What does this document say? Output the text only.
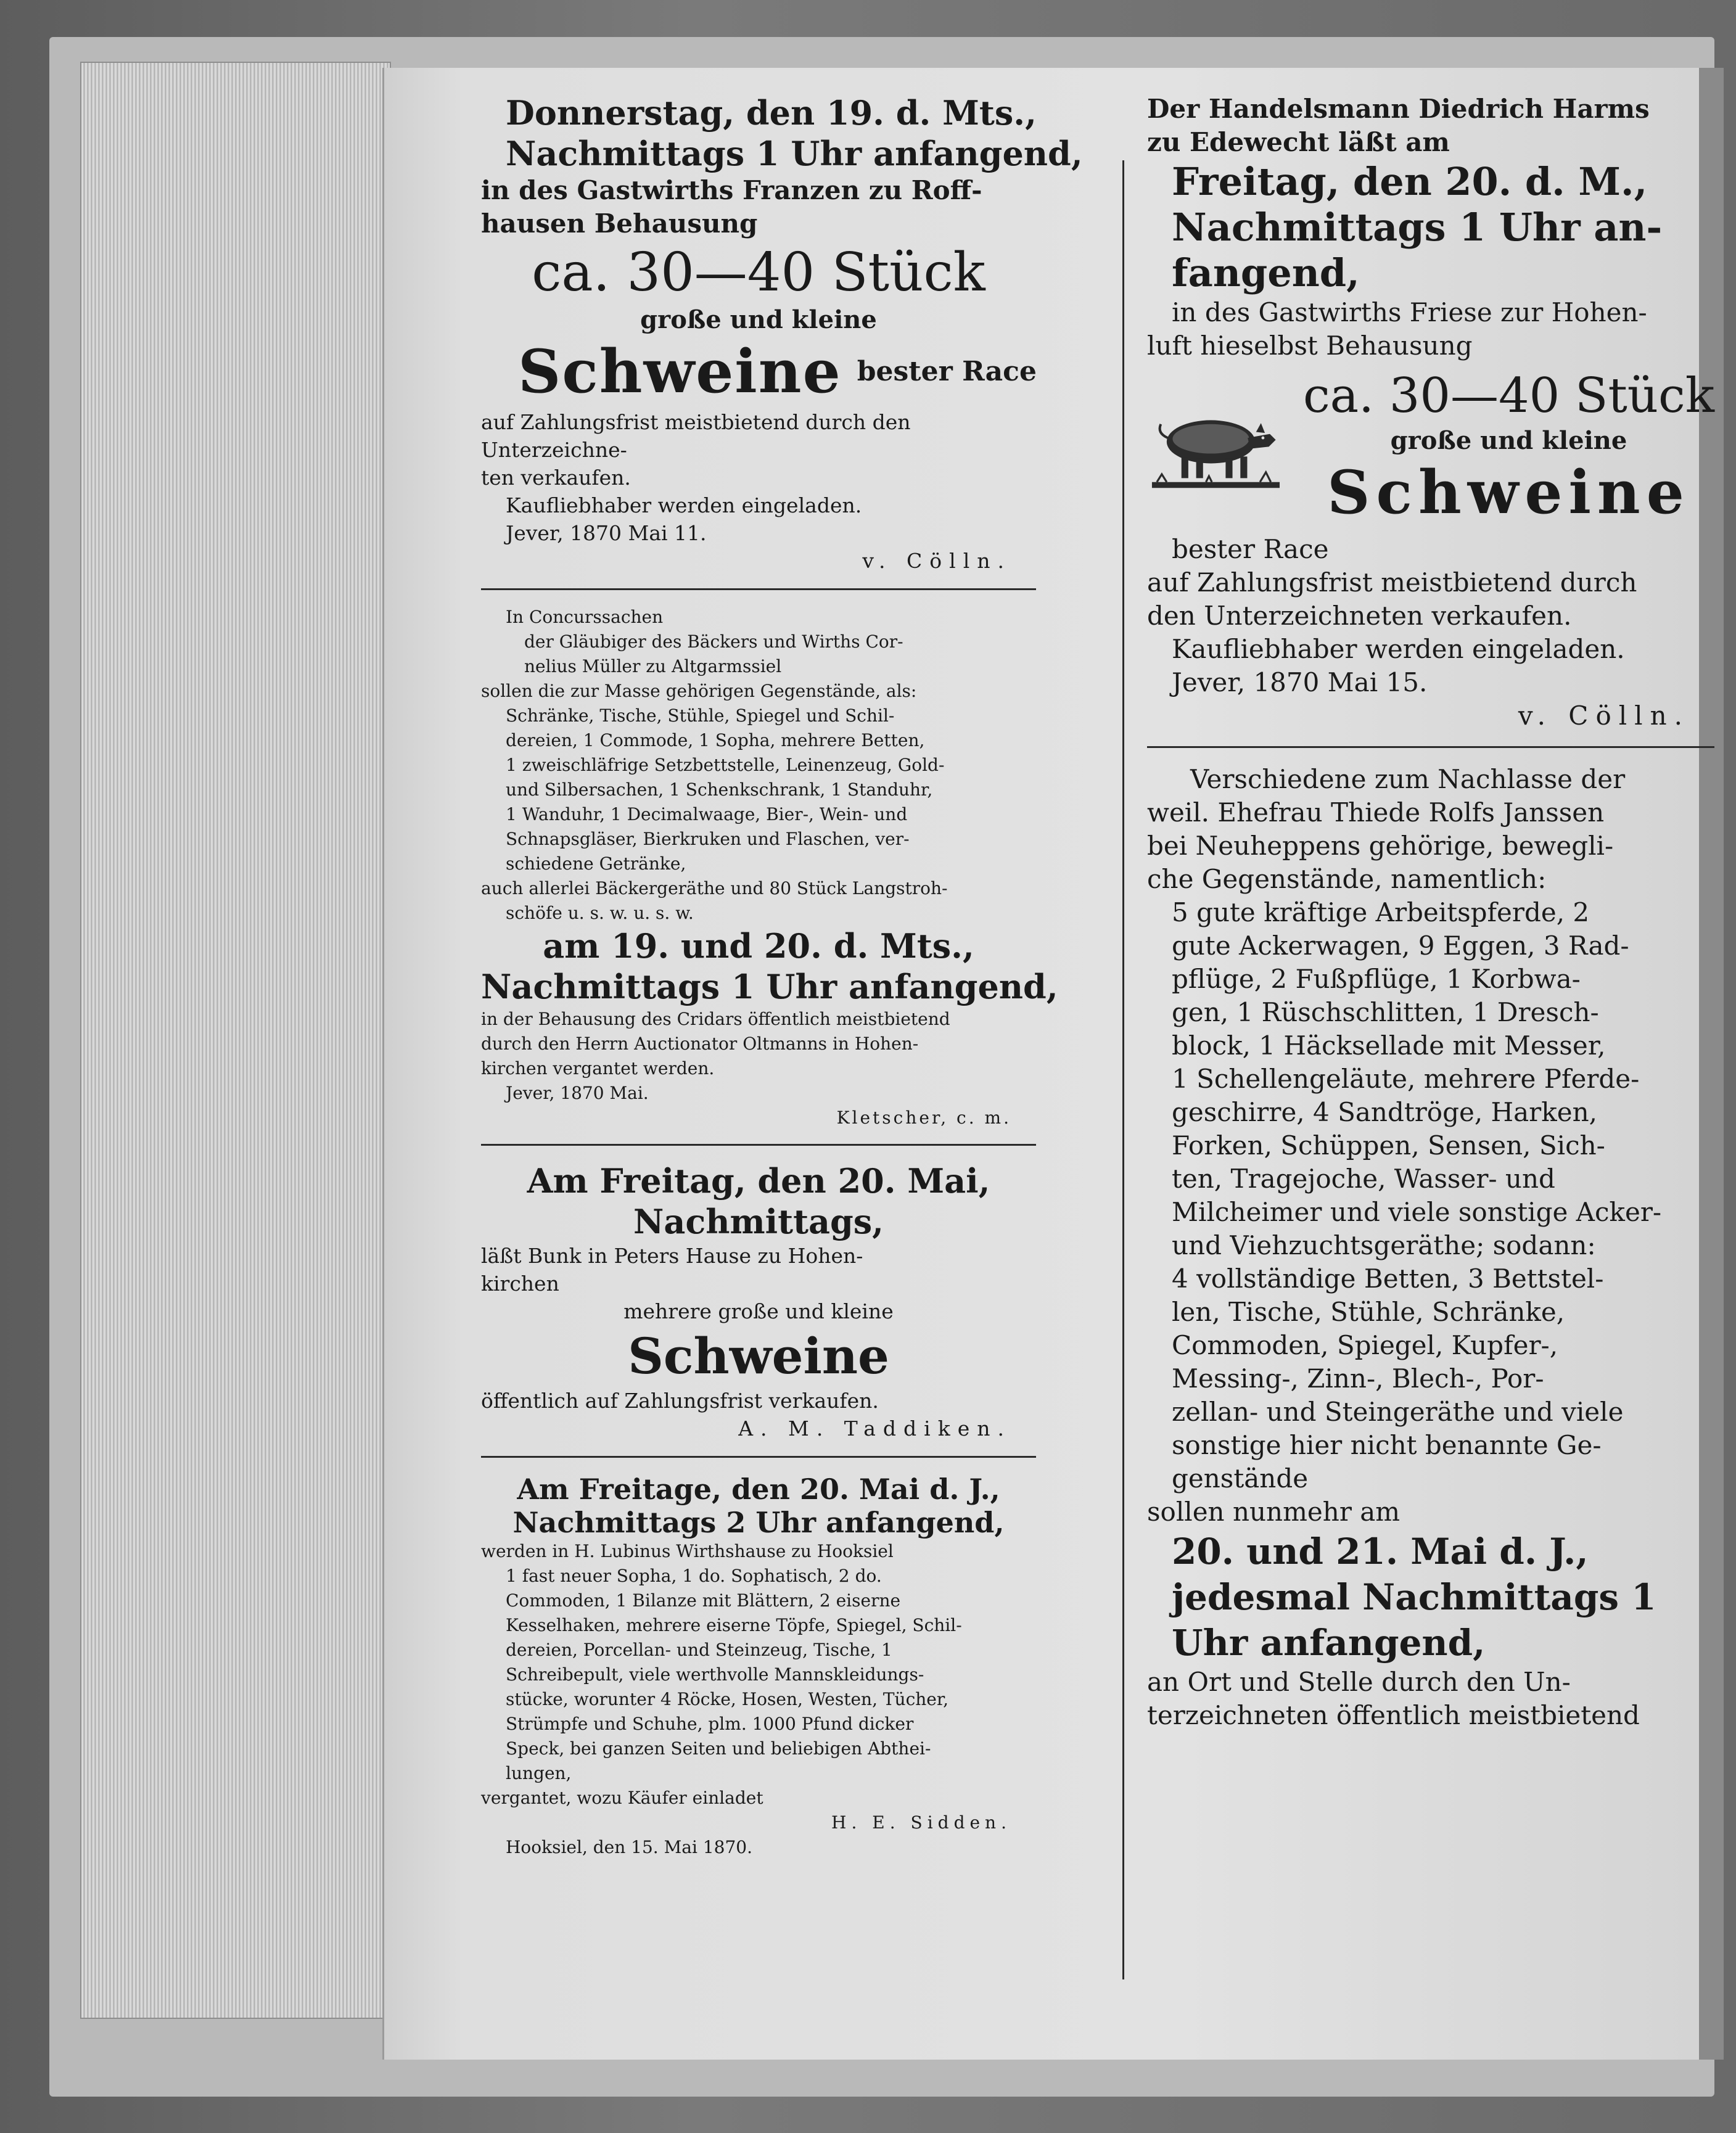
Donnerstag, den 19. d. Mts.,
Nachmittags 1 Uhr anfangend,
in des Gastwirths Franzen zu Roff-
hausen Behausung
ca. 30—40 Stück
große und kleine
Schweine bester Race
auf Zahlungsfrist meistbietend durch den Unterzeichne-
ten verkaufen.
Kaufliebhaber werden eingeladen.
Jever, 1870 Mai 11.
v. Cölln.
In Concurssachen
der Gläubiger des Bäckers und Wirths Cor-
nelius Müller zu Altgarmssiel
sollen die zur Masse gehörigen Gegenstände, als:
Schränke, Tische, Stühle, Spiegel und Schil-
dereien, 1 Commode, 1 Sopha, mehrere Betten,
1 zweischläfrige Setzbettstelle, Leinenzeug, Gold-
und Silbersachen, 1 Schenkschrank, 1 Standuhr,
1 Wanduhr, 1 Decimalwaage, Bier-, Wein- und
Schnapsgläser, Bierkruken und Flaschen, ver-
schiedene Getränke,
auch allerlei Bäckergeräthe und 80 Stück Langstroh-
schöfe u. s. w. u. s. w.
am 19. und 20. d. Mts.,
Nachmittags 1 Uhr anfangend,
in der Behausung des Cridars öffentlich meistbietend
durch den Herrn Auctionator Oltmanns in Hohen-
kirchen vergantet werden.
Jever, 1870 Mai.
Kletscher, c. m.
Am Freitag, den 20. Mai,
Nachmittags,
läßt Bunk in Peters Hause zu Hohen-
kirchen
mehrere große und kleine
Schweine
öffentlich auf Zahlungsfrist verkaufen.
A. M. Taddiken.
Am Freitage, den 20. Mai d. J.,
Nachmittags 2 Uhr anfangend,
werden in H. Lubinus Wirthshause zu Hooksiel
1 fast neuer Sopha, 1 do. Sophatisch, 2 do.
Commoden, 1 Bilanze mit Blättern, 2 eiserne
Kesselhaken, mehrere eiserne Töpfe, Spiegel, Schil-
dereien, Porcellan- und Steinzeug, Tische, 1
Schreibepult, viele werthvolle Mannskleidungs-
stücke, worunter 4 Röcke, Hosen, Westen, Tücher,
Strümpfe und Schuhe, plm. 1000 Pfund dicker
Speck, bei ganzen Seiten und beliebigen Abthei-
lungen,
vergantet, wozu Käufer einladet
H. E. Sidden.
Hooksiel, den 15. Mai 1870.
Der Handelsmann Diedrich Harms
zu Edewecht läßt am
Freitag, den 20. d. M.,
Nachmittags 1 Uhr an-
fangend,
in des Gastwirths Friese zur Hohen-
luft hieselbst Behausung
ca. 30—40 Stück
große und kleine
Schweine
bester Race
auf Zahlungsfrist meistbietend durch
den Unterzeichneten verkaufen.
Kaufliebhaber werden eingeladen.
Jever, 1870 Mai 15.
v. Cölln.
Verschiedene zum Nachlasse der
weil. Ehefrau Thiede Rolfs Janssen
bei Neuheppens gehörige, bewegli-
che Gegenstände, namentlich:
5 gute kräftige Arbeitspferde, 2
gute Ackerwagen, 9 Eggen, 3 Rad-
pflüge, 2 Fußpflüge, 1 Korbwa-
gen, 1 Rüschschlitten, 1 Dresch-
block, 1 Häcksellade mit Messer,
1 Schellengeläute, mehrere Pferde-
geschirre, 4 Sandtröge, Harken,
Forken, Schüppen, Sensen, Sich-
ten, Tragejoche, Wasser- und
Milcheimer und viele sonstige Acker-
und Viehzuchtsgeräthe; sodann:
4 vollständige Betten, 3 Bettstel-
len, Tische, Stühle, Schränke,
Commoden, Spiegel, Kupfer-,
Messing-, Zinn-, Blech-, Por-
zellan- und Steingeräthe und viele
sonstige hier nicht benannte Ge-
genstände
sollen nunmehr am
20. und 21. Mai d. J.,
jedesmal Nachmittags 1
Uhr anfangend,
an Ort und Stelle durch den Un-
terzeichneten öffentlich meistbietend
